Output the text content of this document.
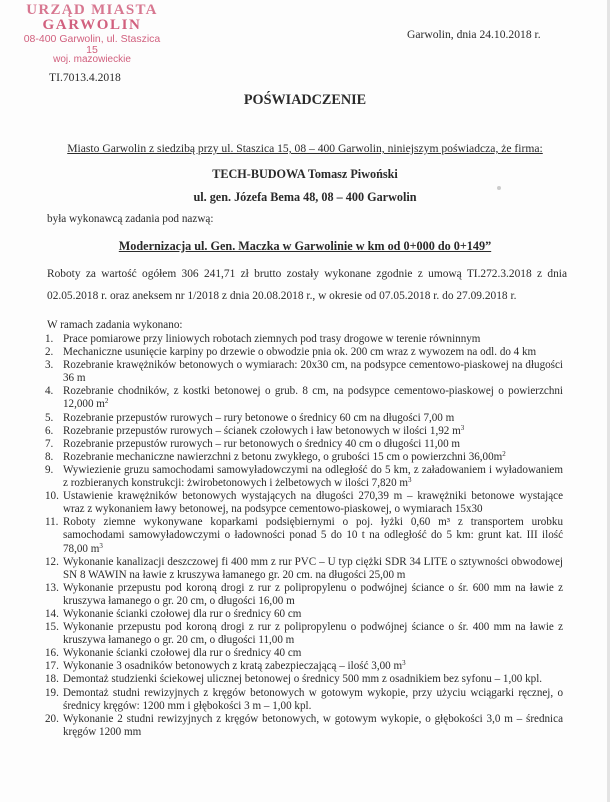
URZĄD MIASTA
GARWOLIN
08-400 Garwolin, ul. Staszica 15
woj. mazowieckie
Garwolin, dnia 24.10.2018 r.
TI.7013.4.2018
POŚWIADCZENIE
Miasto Garwolin z siedzibą przy ul. Staszica 15, 08 – 400 Garwolin, niniejszym poświadcza, że firma:
TECH-BUDOWA Tomasz Piwoński
ul. gen. Józefa Bema 48, 08 – 400 Garwolin
była wykonawcą zadania pod nazwą:
Modernizacja ul. Gen. Maczka w Garwolinie w km od 0+000 do 0+149”
Roboty za wartość ogółem 306 241,71 zł brutto zostały wykonane zgodnie z umową TI.272.3.2018 z dnia 02.05.2018 r. oraz aneksem nr 1/2018 z dnia 20.08.2018 r., w okresie od 07.05.2018 r. do 27.09.2018 r.
W ramach zadania wykonano:
1. Prace pomiarowe przy liniowych robotach ziemnych pod trasy drogowe w terenie równinnym
2. Mechaniczne usunięcie karpiny po drzewie o obwodzie pnia ok. 200 cm wraz z wywozem na odl. do 4 km
3. Rozebranie krawężników betonowych o wymiarach: 20x30 cm, na podsypce cementowo-piaskowej na długości 36 m
4. Rozebranie chodników, z kostki betonowej o grub. 8 cm, na podsypce cementowo-piaskowej o powierzchni 12,000 $m^2$
5. Rozebranie przepustów rurowych – rury betonowe o średnicy 60 cm na długości 7,00 m
6. Rozebranie przepustów rurowych – ścianek czołowych i ław betonowych w ilości 1,92 $m^3$
7. Rozebranie przepustów rurowych – rur betonowych o średnicy 40 cm o długości 11,00 m
8. Rozebranie mechaniczne nawierzchni z betonu zwykłego, o grubości 15 cm o powierzchni $36,00m^2$
9. Wywiezienie gruzu samochodami samowyładowczymi na odległość do 5 km, z załadowaniem i wyładowaniem z rozbieranych konstrukcji: żwirobetonowych i żelbetowych w ilości 7,820 $m^3$
10. Ustawienie krawężników betonowych wystających na długości 270,39 m – krawężniki betonowe wystające wraz z wykonaniem ławy betonowej, na podsypce cementowo-piaskowej, o wymiarach 15x30
11. Roboty ziemne wykonywane koparkami podsiębiernymi o poj. łyżki 0,60 m³ z transportem urobku samochodami samowyładowczymi o ładowności ponad 5 do 10 t na odległość do 5 km: grunt kat. III ilość 78,00 $m^3$
12. Wykonanie kanalizacji deszczowej fi 400 mm z rur PVC – U typ ciężki SDR 34 LITE o sztywności obwodowej SN 8 WAWIN na ławie z kruszywa łamanego gr. 20 cm. na długości 25,00 m
13. Wykonanie przepustu pod koroną drogi z rur z polipropylenu o podwójnej ściance o śr. 600 mm na ławie z kruszywa łamanego o gr. 20 cm, o długości 16,00 m
14. Wykonanie ścianki czołowej dla rur o średnicy 60 cm
15. Wykonanie przepustu pod koroną drogi z rur z polipropylenu o podwójnej ściance o śr. 400 mm na ławie z kruszywa łamanego o gr. 20 cm, o długości 11,00 m
16. Wykonanie ścianki czołowej dla rur o średnicy 40 cm
17. Wykonanie 3 osadników betonowych z kratą zabezpieczającą – ilość 3,00 $m^3$
18. Demontaż studzienki ściekowej ulicznej betonowej o średnicy 500 mm z osadnikiem bez syfonu – 1,00 kpl.
19. Demontaż studni rewizyjnych z kręgów betonowych w gotowym wykopie, przy użyciu wciągarki ręcznej, o średnicy kręgów: 1200 mm i głębokości 3 m – 1,00 kpl.
20. Wykonanie 2 studni rewizyjnych z kręgów betonowych, w gotowym wykopie, o głębokości 3,0 m – średnica kręgów 1200 mm
